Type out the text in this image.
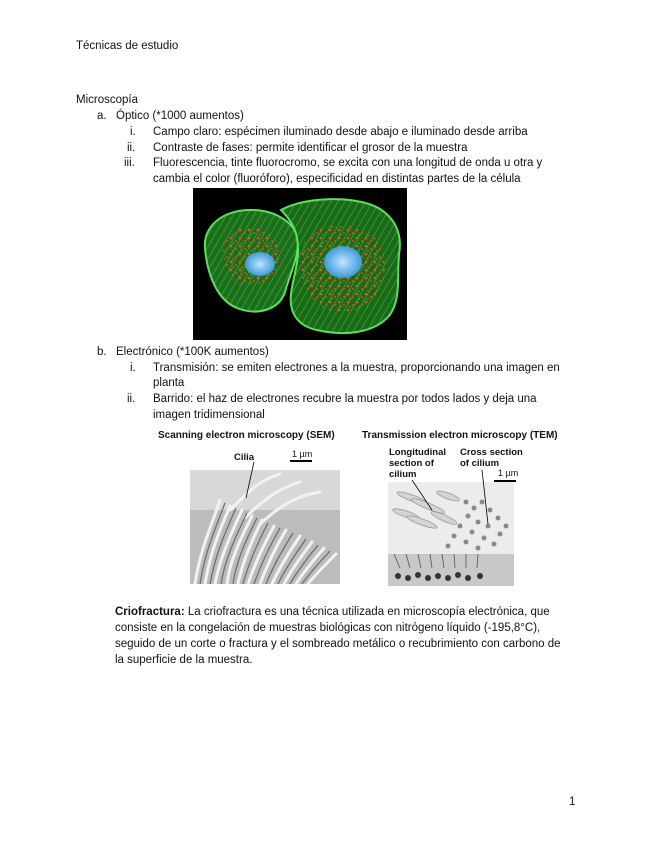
Técnicas de estudio
Microscopía
a. Óptico (*1000 aumentos)
i. Campo claro: espécimen iluminado desde abajo e iluminado desde arriba
ii. Contraste de fases: permite identificar el grosor de la muestra
iii. Fluorescencia, tinte fluorocromo, se excita con una longitud de onda u otra y
cambia el color (fluoróforo), especificidad en distintas partes de la célula
b. Electrónico (*100K aumentos)
i. Transmisión: se emiten electrones a la muestra, proporcionando una imagen en
planta
ii. Barrido: el haz de electrones recubre la muestra por todos lados y deja una
imagen tridimensional
Scanning electron microscopy (SEM)
Cilia	1 µm
Transmission electron microscopy (TEM)
Longitudinal
section of
cilium
Cross section
of cilium
1 µm
Criofractura: La criofractura es una técnica utilizada en microscopía electrónica, que
consiste en la congelación de muestras biológicas con nitrógeno líquido (-195,8°C),
seguido de un corte o fractura y el sombreado metálico o recubrimiento con carbono de
la superficie de la muestra.
1
